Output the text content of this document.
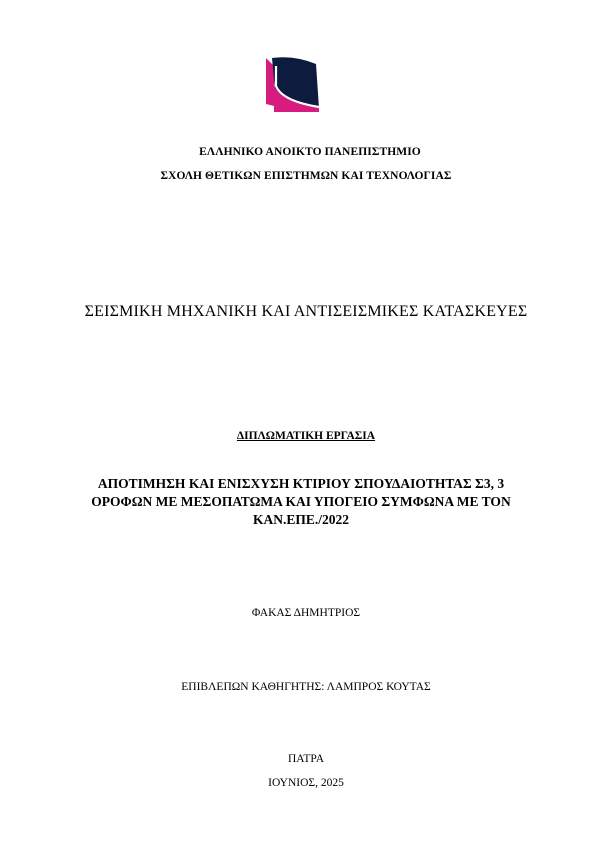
ΕΛΛΗΝΙΚΟ ΑΝΟΙΚΤΟ ΠΑΝΕΠΙΣΤΗΜΙΟ
ΣΧΟΛΗ ΘΕΤΙΚΩΝ ΕΠΙΣΤΗΜΩΝ ΚΑΙ ΤΕΧΝΟΛΟΓΙΑΣ
ΣΕΙΣΜΙΚΗ ΜΗΧΑΝΙΚΗ ΚΑΙ ΑΝΤΙΣΕΙΣΜΙΚΕΣ ΚΑΤΑΣΚΕΥΕΣ
ΔΙΠΛΩΜΑΤΙΚΗ ΕΡΓΑΣΙΑ
ΑΠΟΤΙΜΗΣΗ ΚΑΙ ΕΝΙΣΧΥΣΗ ΚΤΙΡΙΟΥ ΣΠΟΥΔΑΙΟΤΗΤΑΣ Σ3, 3
ΟΡΟΦΩΝ ΜΕ ΜΕΣΟΠΑΤΩΜΑ ΚΑΙ ΥΠΟΓΕΙΟ ΣΥΜΦΩΝΑ ΜΕ ΤΟΝ
ΚΑΝ.ΕΠΕ./2022
ΦΑΚΑΣ ΔΗΜΗΤΡΙΟΣ
ΕΠΙΒΛΕΠΩΝ ΚΑΘΗΓΗΤΗΣ: ΛΑΜΠΡΟΣ ΚΟΥΤΑΣ
ΠΑΤΡΑ
ΙΟΥΝΙΟΣ, 2025
